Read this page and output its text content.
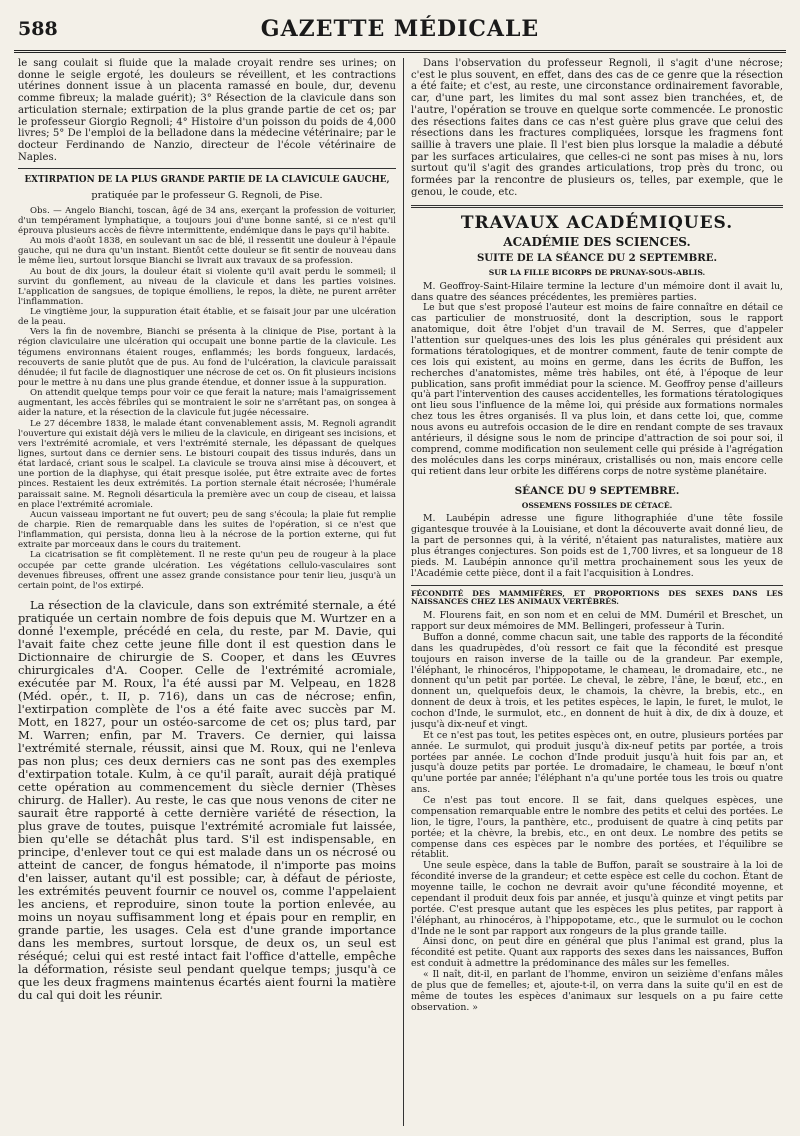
588	GAZETTE MÉDICALE

le sang coulait si fluide que la malade croyait rendre ses urines; on donne le seigle ergoté, les douleurs se réveillent, et les contractions utérines donnent issue à un placenta ramassé en boule, dur, devenu comme fibreux; la malade guérit); 3° Résection de la clavicule dans son articulation sternale; extirpation de la plus grande partie de cet os; par le professeur Giorgio Regnoli; 4° Histoire d'un poisson du poids de 4,000 livres; 5° De l'emploi de la belladone dans la médecine vétérinaire; par le docteur Ferdinando de Nanzio, directeur de l'école vétérinaire de Naples.

EXTIRPATION DE LA PLUS GRANDE PARTIE DE LA CLAVICULE GAUCHE,

pratiquée par le professeur G. Regnoli, de Pise.

Obs. — Angelo Bianchi, toscan, âgé de 34 ans, exerçant la profession de voiturier, d'un tempérament lymphatique, a toujours joui d'une bonne santé, si ce n'est qu'il éprouva plusieurs accès de fièvre intermittente, endémique dans le pays qu'il habite.

Au mois d'août 1838, en soulevant un sac de blé, il ressentit une douleur à l'épaule gauche, qui ne dura qu'un instant. Bientôt cette douleur se fit sentir de nouveau dans le même lieu, surtout lorsque Bianchi se livrait aux travaux de sa profession.

Au bout de dix jours, la douleur était si violente qu'il avait perdu le sommeil; il survint du gonflement, au niveau de la clavicule et dans les parties voisines. L'application de sangsues, de topique émolliens, le repos, la diète, ne purent arrêter l'inflammation.

Le vingtième jour, la suppuration était établie, et se faisait jour par une ulcération de la peau.

Vers la fin de novembre, Bianchi se présenta à la clinique de Pise, portant à la région claviculaire une ulcération qui occupait une bonne partie de la clavicule. Les tégumens environnans étaient rouges, enflammés; les bords fongueux, lardacés, recouverts de sanie plutôt que de pus. Au fond de l'ulcération, la clavicule paraissait dénudée; il fut facile de diagnostiquer une nécrose de cet os. On fit plusieurs incisions pour le mettre à nu dans une plus grande étendue, et donner issue à la suppuration.

On attendit quelque temps pour voir ce que ferait la nature; mais l'amaigrissement augmentant, les accès fébriles qui se montraient le soir ne s'arrêtant pas, on songea à aider la nature, et la résection de la clavicule fut jugée nécessaire.

Le 27 décembre 1838, le malade étant convenablement assis, M. Regnoli agrandit l'ouverture qui existait déjà vers le milieu de la clavicule, en dirigeant ses incisions, et vers l'extrémité acromiale, et vers l'extrémité sternale, les dépassant de quelques lignes, surtout dans ce dernier sens. Le bistouri coupait des tissus indurés, dans un état lardacé, criant sous le scalpel. La clavicule se trouva ainsi mise à découvert, et une portion de la diaphyse, qui était presque isolée, put être extraite avec de fortes pinces. Restaient les deux extrémités. La portion sternale était nécrosée; l'humérale paraissait saine. M. Regnoli désarticula la première avec un coup de ciseau, et laissa en place l'extrémité acromiale.

Aucun vaisseau important ne fut ouvert; peu de sang s'écoula; la plaie fut remplie de charpie. Rien de remarquable dans les suites de l'opération, si ce n'est que l'inflammation, qui persista, donna lieu à la nécrose de la portion externe, qui fut extraite par morceaux dans le cours du traitement.

La cicatrisation se fit complètement. Il ne reste qu'un peu de rougeur à la place occupée par cette grande ulcération. Les végétations cellulo-vasculaires sont devenues fibreuses, offrent une assez grande consistance pour tenir lieu, jusqu'à un certain point, de l'os extirpé.

La résection de la clavicule, dans son extrémité sternale, a été pratiquée un certain nombre de fois depuis que M. Wurtzer en a donné l'exemple, précédé en cela, du reste, par M. Davie, qui l'avait faite chez cette jeune fille dont il est question dans le Dictionnaire de chirurgie de S. Cooper, et dans les Œuvres chirurgicales d'A. Cooper. Celle de l'extrémité acromiale, exécutée par M. Roux, l'a été aussi par M. Velpeau, en 1828 (Méd. opér., t. II, p. 716), dans un cas de nécrose; enfin, l'extirpation complète de l'os a été faite avec succès par M. Mott, en 1827, pour un ostéo-sarcome de cet os; plus tard, par M. Warren; enfin, par M. Travers. Ce dernier, qui laissa l'extrémité sternale, réussit, ainsi que M. Roux, qui ne l'enleva pas non plus; ces deux derniers cas ne sont pas des exemples d'extirpation totale. Kulm, à ce qu'il paraît, aurait déjà pratiqué cette opération au commencement du siècle dernier (Thèses chirurg. de Haller). Au reste, le cas que nous venons de citer ne saurait être rapporté à cette dernière variété de résection, la plus grave de toutes, puisque l'extrémité acromiale fut laissée, bien qu'elle se détachât plus tard. S'il est indispensable, en principe, d'enlever tout ce qui est malade dans un os nécrosé ou atteint de cancer, de fongus hématode, il n'importe pas moins d'en laisser, autant qu'il est possible; car, à défaut de périoste, les extrémités peuvent fournir ce nouvel os, comme l'appelaient les anciens, et reproduire, sinon toute la portion enlevée, au moins un noyau suffisamment long et épais pour en remplir, en grande partie, les usages. Cela est d'une grande importance dans les membres, surtout lorsque, de deux os, un seul est réséqué; celui qui est resté intact fait l'office d'attelle, empêche la déformation, résiste seul pendant quelque temps; jusqu'à ce que les deux fragmens maintenus écartés aient fourni la matière du cal qui doit les réunir.

Dans l'observation du professeur Regnoli, il s'agit d'une nécrose; c'est le plus souvent, en effet, dans des cas de ce genre que la résection a été faite; et c'est, au reste, une circonstance ordinairement favorable, car, d'une part, les limites du mal sont assez bien tranchées, et, de l'autre, l'opération se trouve en quelque sorte commencée. Le pronostic des résections faites dans ce cas n'est guère plus grave que celui des résections dans les fractures compliquées, lorsque les fragmens font saillie à travers une plaie. Il l'est bien plus lorsque la maladie a débuté par les surfaces articulaires, que celles-ci ne sont pas mises à nu, lors surtout qu'il s'agit des grandes articulations, trop près du tronc, ou formées par la rencontre de plusieurs os, telles, par exemple, que le genou, le coude, etc.

TRAVAUX ACADÉMIQUES.

ACADÉMIE DES SCIENCES.

SUITE DE LA SÉANCE DU 2 SEPTEMBRE.

SUR LA FILLE BICORPS DE PRUNAY-SOUS-ABLIS.

M. Geoffroy-Saint-Hilaire termine la lecture d'un mémoire dont il avait lu, dans quatre des séances précédentes, les premières parties.

Le but que s'est proposé l'auteur est moins de faire connaître en détail ce cas particulier de monstruosité, dont la description, sous le rapport anatomique, doit être l'objet d'un travail de M. Serres, que d'appeler l'attention sur quelques-unes des lois les plus générales qui président aux formations tératologiques, et de montrer comment, faute de tenir compte de ces lois qui existent, au moins en germe, dans les écrits de Buffon, les recherches d'anatomistes, même très habiles, ont été, à l'époque de leur publication, sans profit immédiat pour la science. M. Geoffroy pense d'ailleurs qu'à part l'intervention des causes accidentelles, les formations tératologiques ont lieu sous l'influence de la même loi, qui préside aux formations normales chez tous les êtres organisés. Il va plus loin, et dans cette loi, que, comme nous avons eu autrefois occasion de le dire en rendant compte de ses travaux antérieurs, il désigne sous le nom de principe d'attraction de soi pour soi, il comprend, comme modification non seulement celle qui préside à l'agrégation des molécules dans les corps minéraux, cristallisés ou non, mais encore celle qui retient dans leur orbite les différens corps de notre système planétaire.

SÉANCE DU 9 SEPTEMBRE.

OSSEMENS FOSSILES DE CÉTACÉ.

M. Laubépin adresse une figure lithographiée d'une tête fossile gigantesque trouvée à la Louisiane, et dont la découverte avait donné lieu, de la part de personnes qui, à la vérité, n'étaient pas naturalistes, matière aux plus étranges conjectures. Son poids est de 1,700 livres, et sa longueur de 18 pieds. M. Laubépin annonce qu'il mettra prochainement sous les yeux de l'Académie cette pièce, dont il a fait l'acquisition à Londres.

FÉCONDITÉ DES MAMMIFÈRES, ET PROPORTIONS DES SEXES DANS LES NAISSANCES CHEZ LES ANIMAUX VERTÉBRÉS.

M. Flourens fait, en son nom et en celui de MM. Duméril et Breschet, un rapport sur deux mémoires de MM. Bellingeri, professeur à Turin.

Buffon a donné, comme chacun sait, une table des rapports de la fécondité dans les quadrupèdes, d'où ressort ce fait que la fécondité est presque toujours en raison inverse de la taille ou de la grandeur. Par exemple, l'éléphant, le rhinocéros, l'hippopotame, le chameau, le dromadaire, etc., ne donnent qu'un petit par portée. Le cheval, le zèbre, l'âne, le bœuf, etc., en donnent un, quelquefois deux, le chamois, la chèvre, la brebis, etc., en donnent de deux à trois, et les petites espèces, le lapin, le furet, le mulot, le cochon d'Inde, le surmulot, etc., en donnent de huit à dix, de dix à douze, et jusqu'à dix-neuf et vingt.

Et ce n'est pas tout, les petites espèces ont, en outre, plusieurs portées par année. Le surmulot, qui produit jusqu'à dix-neuf petits par portée, a trois portées par année. Le cochon d'Inde produit jusqu'à huit fois par an, et jusqu'à douze petits par portée. Le dromadaire, le chameau, le bœuf n'ont qu'une portée par année; l'éléphant n'a qu'une portée tous les trois ou quatre ans.

Ce n'est pas tout encore. Il se fait, dans quelques espèces, une compensation remarquable entre le nombre des petits et celui des portées. Le lion, le tigre, l'ours, la panthère, etc., produisent de quatre à cinq petits par portée; et la chèvre, la brebis, etc., en ont deux. Le nombre des petits se compense dans ces espèces par le nombre des portées, et l'équilibre se rétablit.

Une seule espèce, dans la table de Buffon, paraît se soustraire à la loi de fécondité inverse de la grandeur; et cette espèce est celle du cochon. Étant de moyenne taille, le cochon ne devrait avoir qu'une fécondité moyenne, et cependant il produit deux fois par année, et jusqu'à quinze et vingt petits par portée. C'est presque autant que les espèces les plus petites, par rapport à l'éléphant, au rhinocéros, à l'hippopotame, etc., que le surmulot ou le cochon d'Inde ne le sont par rapport aux rongeurs de la plus grande taille.

Ainsi donc, on peut dire en général que plus l'animal est grand, plus la fécondité est petite. Quant aux rapports des sexes dans les naissances, Buffon est conduit à admettre la prédominance des mâles sur les femelles.

« Il naît, dit-il, en parlant de l'homme, environ un seizième d'enfans mâles de plus que de femelles; et, ajoute-t-il, on verra dans la suite qu'il en est de même de toutes les espèces d'animaux sur lesquels on a pu faire cette observation. »
